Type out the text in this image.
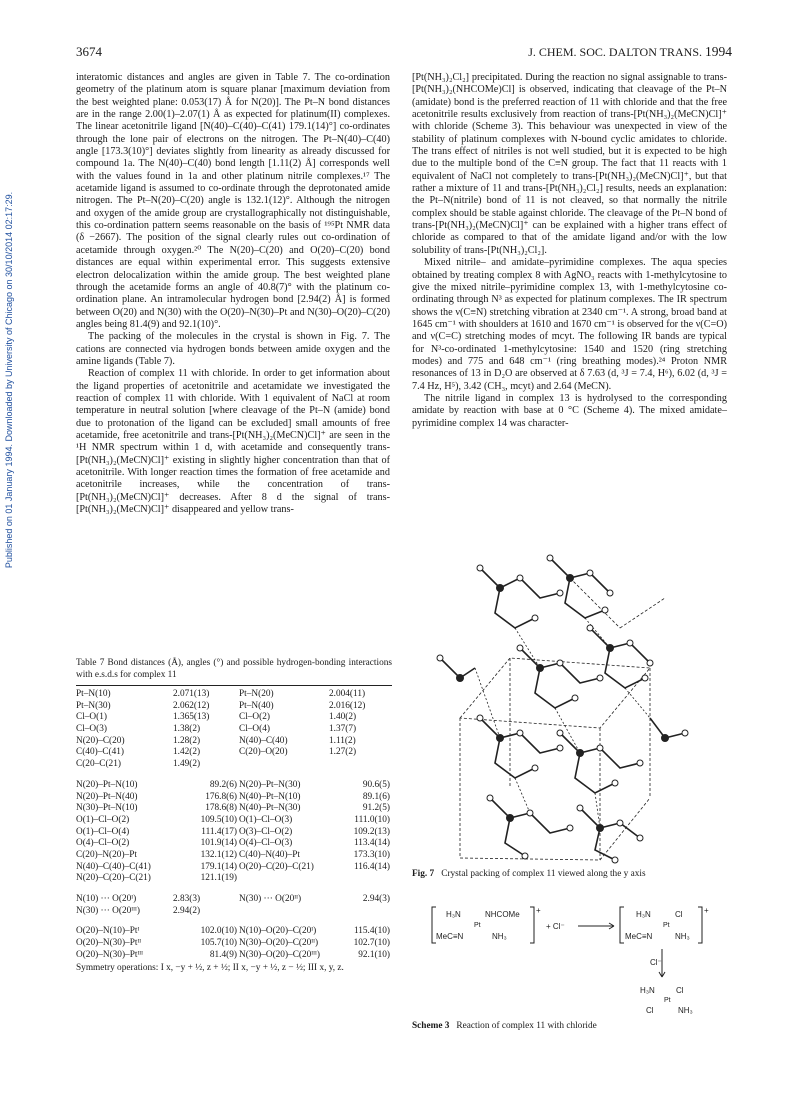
3674	J. CHEM. SOC. DALTON TRANS. 1994
Published on 01 January 1994. Downloaded by University of Chicago on 30/10/2014 02:17:29.

interatomic distances and angles are given in Table 7. The co-ordination geometry of the platinum atom is square planar [maximum deviation from the best weighted plane: 0.053(17) Å for N(20)]. The Pt–N bond distances are in the range 2.00(1)–2.07(1) Å as expected for platinum(II) complexes. The linear acetonitrile ligand [N(40)–C(40)–C(41) 179.1(14)°] co-ordinates through the lone pair of electrons on the nitrogen. The Pt–N(40)–C(40) angle [173.3(10)°] deviates slightly from linearity as already discussed for compound 1a. The N(40)–C(40) bond length [1.11(2) Å] corresponds well with the values found in 1a and other platinum nitrile complexes.¹⁷ The acetamide ligand is assumed to co-ordinate through the deprotonated amide nitrogen. The Pt–N(20)–C(20) angle is 132.1(12)°. Although the nitrogen and oxygen of the amide group are crystallographically not distinguishable, this co-ordination pattern seems reasonable on the basis of ¹⁹⁵Pt NMR data (δ −2667). The position of the signal clearly rules out co-ordination of acetamide through oxygen.²⁰ The N(20)–C(20) and O(20)–C(20) bond distances are equal within experimental error. This suggests extensive electron delocalization within the amide group. The best weighted plane through the acetamide forms an angle of 40.8(7)° with the platinum co-ordination plane. An intramolecular hydrogen bond [2.94(2) Å] is formed between O(20) and N(30) with the O(20)–N(30)–Pt and N(30)–O(20)–C(20) angles being 81.4(9) and 92.1(10)°.

The packing of the molecules in the crystal is shown in Fig. 7. The cations are connected via hydrogen bonds between amide oxygen and the amine ligands (Table 7).

Reaction of complex 11 with chloride. In order to get information about the ligand properties of acetonitrile and acetamidate we investigated the reaction of complex 11 with chloride. With 1 equivalent of NaCl at room temperature in neutral solution [where cleavage of the Pt–N (amide) bond due to protonation of the ligand can be excluded] small amounts of free acetamide, free acetonitrile and trans-[Pt(NH₃)₂(MeCN)Cl]⁺ are seen in the ¹H NMR spectrum within 1 d, with acetamide and consequently trans-[Pt(NH₃)₂(MeCN)Cl]⁺ existing in slightly higher concentration than that of acetonitrile. With longer reaction times the formation of free acetamide and acetonitrile increases, while the concentration of trans-[Pt(NH₃)₂(MeCN)Cl]⁺ decreases. After 8 d the signal of trans-[Pt(NH₃)₂(MeCN)Cl]⁺ disappeared and yellow trans-

[Pt(NH₃)₂Cl₂] precipitated. During the reaction no signal assignable to trans-[Pt(NH₃)₂(NHCOMe)Cl] is observed, indicating that cleavage of the Pt–N (amidate) bond is the preferred reaction of 11 with chloride and that the free acetonitrile results exclusively from reaction of trans-[Pt(NH₃)₂(MeCN)Cl]⁺ with chloride (Scheme 3). This behaviour was unexpected in view of the stability of platinum complexes with N-bound cyclic amidates to chloride. The trans effect of nitriles is not well studied, but it is expected to be high due to the multiple bond of the C≡N group. The fact that 11 reacts with 1 equivalent of NaCl not completely to trans-[Pt(NH₃)₂(MeCN)Cl]⁺, but that rather a mixture of 11 and trans-[Pt(NH₃)₂Cl₂] results, needs an explanation: the Pt–N(nitrile) bond of 11 is not cleaved, so that normally the nitrile complex should be stable against chloride. The cleavage of the Pt–N bond of trans-[Pt(NH₃)₂(MeCN)Cl]⁺ can be explained with a higher trans effect of chloride as compared to that of the amidate ligand and/or with the low solubility of trans-[Pt(NH₃)₂Cl₂].

Mixed nitrile– and amidate–pyrimidine complexes. The aqua species obtained by treating complex 8 with AgNO₃ reacts with 1-methylcytosine to give the mixed nitrile–pyrimidine complex 13, with 1-methylcytosine co-ordinating through N³ as expected for platinum complexes. The IR spectrum shows the ν(C≡N) stretching vibration at 2340 cm⁻¹. A strong, broad band at 1645 cm⁻¹ with shoulders at 1610 and 1670 cm⁻¹ is observed for the ν(C=O) and ν(C=C) stretching modes of mcyt. The following IR bands are typical for N³-co-ordinated 1-methylcytosine: 1540 and 1520 (ring stretching modes) and 775 and 648 cm⁻¹ (ring breathing modes).²⁴ Proton NMR resonances of 13 in D₂O are observed at δ 7.63 (d, ³J = 7.4, H⁶), 6.02 (d, ³J = 7.4 Hz, H⁵), 3.42 (CH₃, mcyt) and 2.64 (MeCN).

The nitrile ligand in complex 13 is hydrolysed to the corresponding amidate by reaction with base at 0 °C (Scheme 4). The mixed amidate–pyrimidine complex 14 was character-

Table 7 Bond distances (Å), angles (°) and possible hydrogen-bonding interactions with e.s.d.s for complex 11
Pt–N(10)	2.071(13)	Pt–N(20)	2.004(11)
Pt–N(30)	2.062(12)	Pt–N(40)	2.016(12)
Cl–O(1)	1.365(13)	Cl–O(2)	1.40(2)
Cl–O(3)	1.38(2)	Cl–O(4)	1.37(7)
N(20)–C(20)	1.28(2)	N(40)–C(40)	1.11(2)
C(40)–C(41)	1.42(2)	C(20)–O(20)	1.27(2)
C(20–C(21)	1.49(2)
N(20)–Pt–N(10)	89.2(6) N(20)–Pt–N(30)	90.6(5)
N(20)–Pt–N(40)	176.8(6) N(40)–Pt–N(10)	89.1(6)
N(30)–Pt–N(10)	178.6(8) N(40)–Pt–N(30)	91.2(5)
O(1)–Cl–O(2)	109.5(10) O(1)–Cl–O(3)	111.0(10)
O(1)–Cl–O(4)	111.4(17) O(3)–Cl–O(2)	109.2(13)
O(4)–Cl–O(2)	101.9(14) O(4)–Cl–O(3)	113.4(14)
C(20)–N(20)–Pt	132.1(12) C(40)–N(40)–Pt	173.3(10)
N(40)–C(40)–C(41)	179.1(14) O(20)–C(20)–C(21)	116.4(14)
N(20)–C(20)–C(21)	121.1(19)
N(10) ··· O(20ᴵ)	2.83(3)	N(30) ··· O(20ᴵᴵ)	2.94(3)
N(30) ··· O(20ᴵᴵᴵ)	2.94(2)
O(20)–N(10)–Ptᴵ	102.0(10) N(10)–O(20)–C(20ᴵ)	115.4(10)
O(20)–N(30)–Ptᴵᴵ	105.7(10) N(30)–O(20)–C(20ᴵᴵ)	102.7(10)
O(20)–N(30)–Ptᴵᴵᴵ	81.4(9) N(30)–O(20)–C(20ᴵᴵᴵ)	92.1(10)
Symmetry operations: I x, −y + ½, z + ½; II x, −y + ½, z − ½; III x, y, z.
Fig. 7 Crystal packing of complex 11 viewed along the y axis
H₃N	NHCOMe
Pt
MeC≡N	NH₃
+
+ Cl⁻
H₃N	Cl
Pt
MeC≡N	NH₃
+
Cl⁻
H₃N	Cl
Pt
Cl	NH₃
Scheme 3 Reaction of complex 11 with chloride
